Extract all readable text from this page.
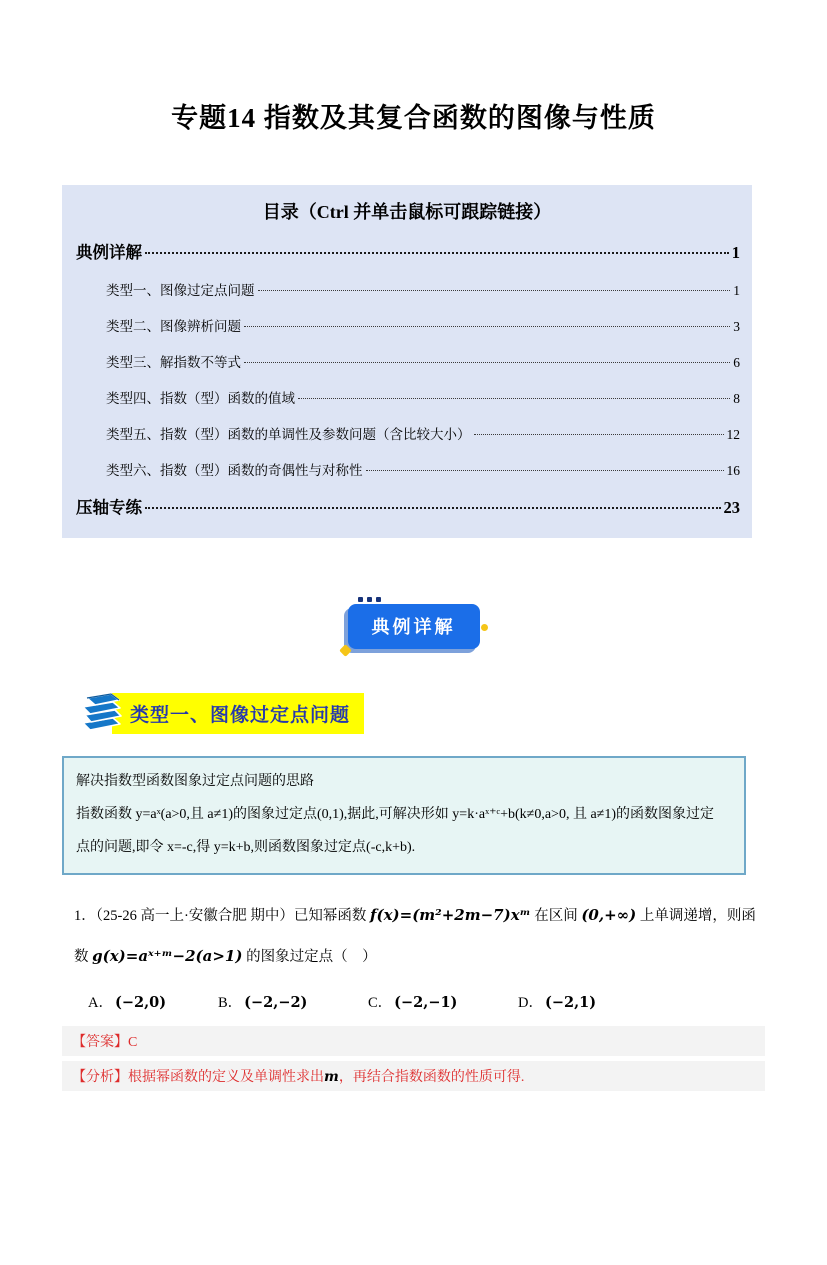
专题14 指数及其复合函数的图像与性质
目录（Ctrl 并单击鼠标可跟踪链接）
典例详解	1
类型一、图像过定点问题	1
类型二、图像辨析问题	3
类型三、解指数不等式	6
类型四、指数（型）函数的值域	8
类型五、指数（型）函数的单调性及参数问题（含比较大小）	12
类型六、指数（型）函数的奇偶性与对称性	16
压轴专练	23
典例详解
类型一、图像过定点问题
解决指数型函数图象过定点问题的思路
指数函数 y=aˣ(a>0,且 a≠1)的图象过定点(0,1),据此,可解决形如 y=k·aˣ⁺ᶜ+b(k≠0,a>0, 且 a≠1)的函数图象过定
点的问题,即令 x=-c,得 y=k+b,则函数图象过定点(-c,k+b).
1．（25-26 高一上·安徽合肥 期中）已知幂函数 f(x)=(m²+2m−7)xᵐ 在区间 (0,+∞) 上单调递增，则函数 g(x)=aˣ⁺ᵐ−2(a>1) 的图象过定点（　）
A． (−2,0)	B． (−2,−2)	C． (−2,−1)	D． (−2,1)
【答案】C
【分析】根据幂函数的定义及单调性求出m，再结合指数函数的性质可得.
